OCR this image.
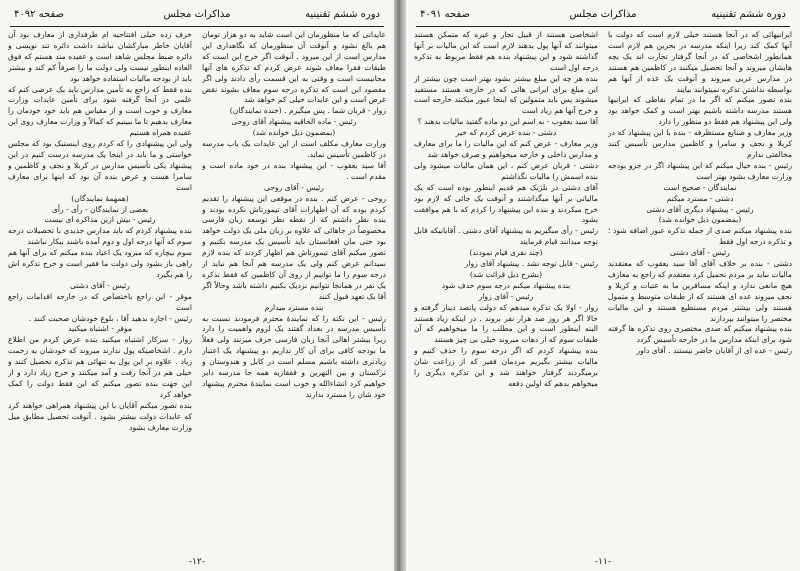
دوره ششم تقنینیه
مذاکرات مجلس
صفحه ۴۰۹۲

عایداتی که ما منظورمان این است شاید به دو هزار تومان هم بالغ نشود و آنوقت آن منظورمان که نگاهداری این مدارس است از این میرود . آنوقت اگر خرج این است که طبقات فقرا معاف شوند عرض کردم که تذکره های آنها مجانیست است و وقتی به این قسمت رأی دادند ولی اگر مقصود این است که تذکره درجه سوم معاف بشوند نقض غرض است و این عایدات خیلی کم خواهد شد

زوار - قربان شما . پس میگیرم . (خنده نمایندگان)

رئیس - ماده الحاقیه پیشنهاد آقای روحی

(بمضمون ذیل خوانده شد)

وزارت معارف مکلف است از این عایدات یک باب مدرسه در کاظمین تأسیس نماید.

آقا سید یعقوب - این پیشنهاد بنده در خود ماده است و مقدم است .

رئیس - آقای روحی

روحی - عرض کنم . بنده در موقعی این پیشنهاد را تقدیم کردم بوده که آن اظهارات آقای تیمورتاش نکرده بودند و بنده نظر داشتم که از نقطه نظر توسعه زبان فارسی مخصوصاً در جاهائی که علاوه بر زبان ملی یک دولت خواهد بود حتی مان افغانستان باید تأسیس یک مدرسه بکنیم و تصور میکنم آقای تیمورتاش هم اظهار کردند که بنده لازم نمیدانم عرض کنم ولی یک مدرسه هم آنجا هم نباید از درجه سوم را ما توانیم از روی آن کاظمین که فقط تذکره یک نفر در همانجا نتوانیم نزدیک بکنیم داشته باشد وحالاً اگر آقا یک تعهد قبول کنند

بنده مسترد میدارم

رئیس - این نکته را که نمایندهٔ محترم فرمودند نسبت به تأسیس مدرسه در بغداد گفتند یک لزوم واهمیت را دارد زیرا بیشتر اهالی آنجا زبان فارسی حرف میزنند ولی فعلاً ما بودجه کافی برای آن کار نداریم ،و پیشنهاد یک اعتبار زیادتری داشته باشیم مسلم است در کابل و هندوستان و ترکستان و بین النهرین و قفقازیه همه جا مدرسه دایر خواهیم کرد انشاءالله و خوب است نمایندهٔ محترم پیشنهاد خود شان را مسترد بدارند

خرف زده خیلی افتتاحیه ام طرفداری از معارف بود آن آقایان خاطر مبارکشان نباشد داشت دائره تند نویسی و دائره ضبط مجلس شاهد است و عقیده مند هستم که فوق العاده اینطور نیست ولی دولت ما را صرفاً کم کند و بیشتر باید از بودجه مالیات استفاده خواهد بود

بنده فقط که راجع به تأمین مدارس باید یک عرضی کنم که علمی در آنجا گرفته شود برای تأمین عایدات وزارت معارف و خوب است و از مقیاس هم باید خود خودمان را معارف بدهیم تا ما ببینیم که کمالاً و وزارت معارف روی این عقیده همراه هستیم

ولی این پیشنهادی را که کردم روی اینستیک بود که مجلس خواستی و ما باید در اینجا یک مدرسه درست کنیم در این پیشنهاد یکی تأسیس مدارس در کربلا و نجف و کاظمین و سامرا هست و عرض بنده آن بود که اینها برای معارف است

(همهمهٔ نمایندگان)

بعضی از نمایندگان - رأی - رأی

رئیس - بیش ازین مذاکره ای نیست

بنده پیشنهاد کردم که باید مدارس جدیدی با تحصیلات درجه سوم که آنها درجه اول و دوم آمده باشند بیکار نباشند

سوم بیچاره که مبرود یک اعیاد بنده میکنم که برای آنها هم راهی باز بشود ولی دولت ما فقیر است و خرج تذکره اش را هم بگیرد

رئیس - آقای دشتی

موقر - این راجع باختصاص که در خارجه اقدامات راجع است

رئیس - اجازه بدهید آقا ، بلوغ خودشان صحبت کنند .

موقر - اشتباه میکنید

زوار - سرکار اشتباه میکنید بنده عرض کردم من اطلاع دارم . اشخاصیکه پول ندارند میروند که خودشان به زحمت زیاد . علاوه بر این پول به تنهائی هم تذکره تحصیل کنند و خیلی هم در آنجا رفت و آمد میکنند و خرج زیاد دارد و از این جهت بنده تصور میکنم که این فقط دولت را کمک خواهد کرد

بنده تصور میکنم آقایان با این پیشنهاد همراهی خواهند کرد که عایدات دولت بیشتر بشود . آنوقت تحصیل مطابق میل وزارت معارف بشود

-۱۲-
دوره ششم تقنینیه
مذاکرات مجلس
صفحه ۴۰۹۱

ایرانیهائی که در آنجا هستند خیلی لازم است که دولت با آنها کمک کند زیرا اینکه مدرسه در بحرین هم لازم است همانطور اشخاصی که در آنجا گرفتار تجارت اند یک بچه هایشان میروند و آنجا تحصیل میکنند در کاظمین هم هستند در مدارس عربی میروند و آنوقت یک عده از آنها هم بواسطه نداشتن تذکره نمیتوانند بیایند

بنده تصور میکنم که اگر ما در تمام نقاطی که ایرانیها هستند مدرسه داشته باشیم بهتر است و کمک خواهد بود ولی این پیشنهاد هم فقط دو منظور را دارد

وزیر معارف و صنایع مستظرفه - بنده با این پیشنهاد که در کربلا و نجف و سامرا و کاظمین مدارس تأسیس کنند مخالفتی ندارم

رئیس - بنده خیال میکنم که این پیشنهاد اگر در جزو بودجه وزارت معارف بشود بهتر است

نمایندگان - صحیح است

دشتی - مسترد میکنم

رئیس - پیشنهاد دیگری آقای دشتی

(بمضمون ذیل خوانده شد)

بنده پیشنهاد میکنم صدی از جمله تذکره عبور اضافه شود ؛ و تذکره درجه اول فقط

رئیس - آقای دشتی

دشتی - بنده بر خلاف آقای آقا سید یعقوب که معتقدند مالیات نباید بر مردم تحمیل کرد معتقدم که راجع به معارف هیچ مانعی ندارد و اینکه مسافرین ما به عتبات و کربلا و نجف میروند عده ای هستند که از طبقات متوسط و متمول هستند ولی بیشتر مردم مستطیع هستند و این مالیات مختصر را میتوانند بپردازند

بنده پیشنهاد میکنم که صدی مختصری روی تذکره ها گرفته شود برای اینکه مدارس ما در خارجه تأسیس گردد

رئیس - عده ای از آقایان حاضر نیستند . آقای داور

اشخاصی هستند از قبیل تجار و غیره که متمکن هستند میتوانند که آنها پول بدهند لازم است که این مالیات بر آنها گذاشته شود و این پیشنهاد بنده هم فقط مربوط به تذکره درجه اول است

بنده هر چه این مبلغ بیشتر بشود بهتر است چون بیشتر از این مبلغ برای ایرانی هائی که در خارجه هستند مستفید میشوند پس باید متمولین که اینجا عبور میکنند خارجه است و خرج آنها هم زیاد است

آقا سید یعقوب - به اسم این دو ماده گفتید مالیات بدهند ؟

دشتی - بنده عرض کردم که خیر

وزیر معارف - عرض کنم که این مالیات را ما برای معارف و مدارس داخلی و خارجه میخواهیم و صرف خواهد شد

دشتی - قربان عرض کنم ، این همان مالیات میشود ولی بنده اسمش را مالیات نگذاشتم

آقای دشتی در بلژیک هم قدیم اینطور بوده است که یک مالیاتی بر آنها میگذاشتند و آنوقت یک جائی که لازم بود خرج میکردند و بنده این پیشنهاد را کردم که با هم موافقت بشود

رئیس - رأی میگیریم به پیشنهاد آقای دشتی . آقایانیکه قابل توجه میدانند قیام فرمایند

(چند نفری قیام نمودند)

رئیس - قابل توجه نشد . پیشنهاد آقای زوار

(بشرح ذیل قرائت شد)

بنده پیشنهاد میکنم درجه سوم حذف شود

رئیس - آقای زوار

زوار - اولا یک تذکره میدهم که دولت پانصد دینار گرفته و حالا اگر هر روز صد هزار نفر بروند . در اینکه زیاد هستند البته اینطور است و این مطلب را ما میخواهیم که آن طبقات سوم که از دهات میروند خیلی بی چیز هستند

بنده پیشنهاد کردم که اگر درجه سوم را حذف کنیم و مالیات بیشتر بگیریم مردمان فقیر که از زراعت شان برمیگردند گرفتار خواهند شد و این تذکره دیگری را میخواهم بدهم که اولین دفعه

-۱۱-
